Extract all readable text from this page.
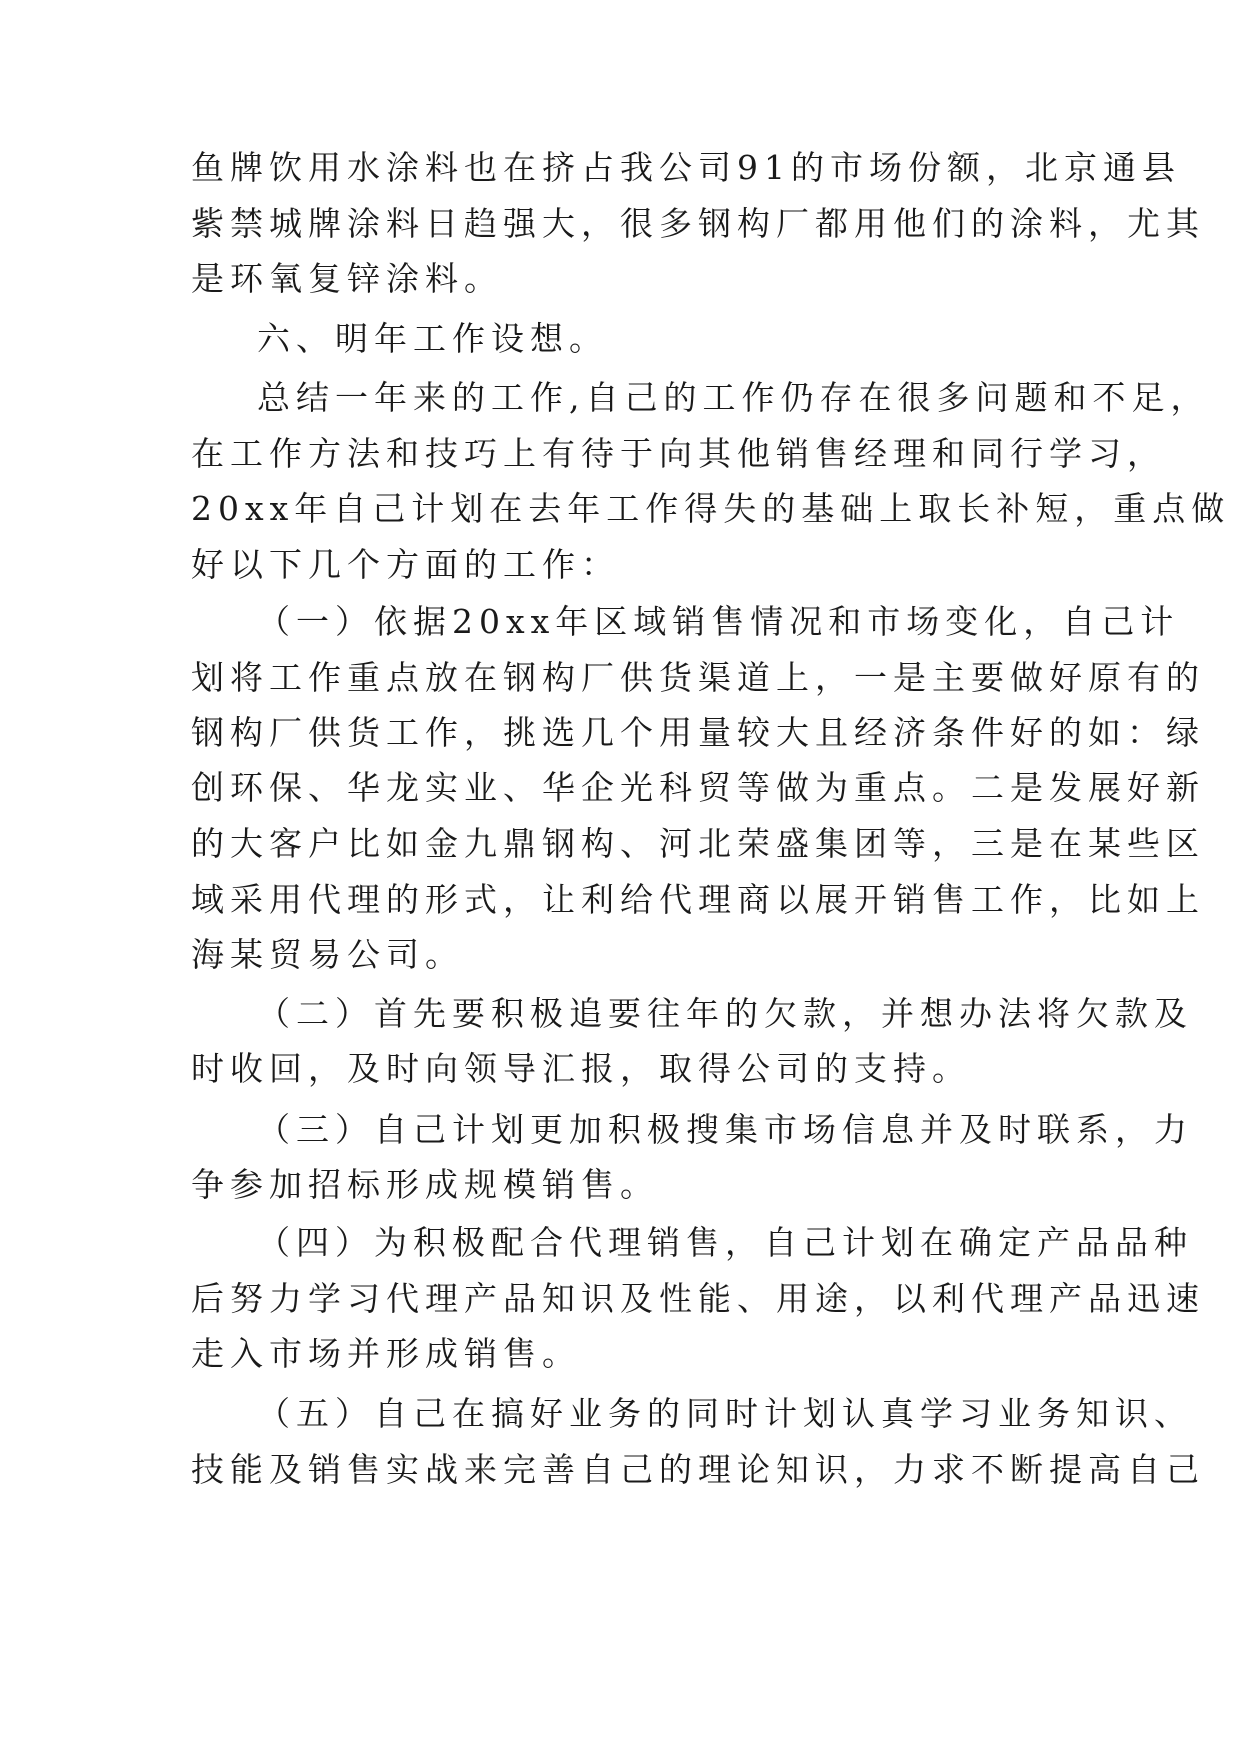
鱼牌饮用水涂料也在挤占我公司91的市场份额，北京通县
紫禁城牌涂料日趋强大，很多钢构厂都用他们的涂料，尤其
是环氧复锌涂料。
六、明年工作设想。
总结一年来的工作,自己的工作仍存在很多问题和不足，
在工作方法和技巧上有待于向其他销售经理和同行学习，
20xx年自己计划在去年工作得失的基础上取长补短，重点做
好以下几个方面的工作：
（一）依据20xx年区域销售情况和市场变化，自己计
划将工作重点放在钢构厂供货渠道上，一是主要做好原有的
钢构厂供货工作，挑选几个用量较大且经济条件好的如：绿
创环保、华龙实业、华企光科贸等做为重点。二是发展好新
的大客户比如金九鼎钢构、河北荣盛集团等，三是在某些区
域采用代理的形式，让利给代理商以展开销售工作，比如上
海某贸易公司。
（二）首先要积极追要往年的欠款，并想办法将欠款及
时收回，及时向领导汇报，取得公司的支持。
（三）自己计划更加积极搜集市场信息并及时联系，力
争参加招标形成规模销售。
（四）为积极配合代理销售，自己计划在确定产品品种
后努力学习代理产品知识及性能、用途，以利代理产品迅速
走入市场并形成销售。
（五）自己在搞好业务的同时计划认真学习业务知识、
技能及销售实战来完善自己的理论知识，力求不断提高自己
